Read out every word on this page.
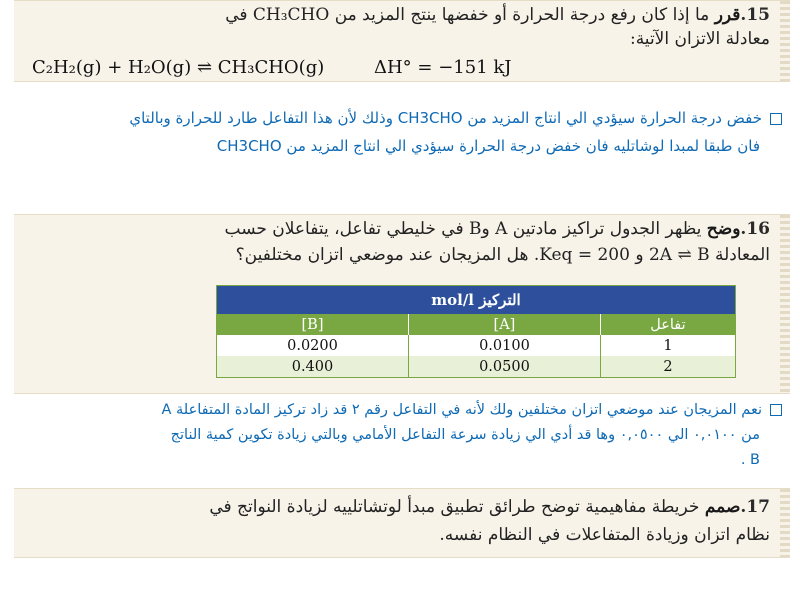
15.قرر ما إذا كان رفع درجة الحرارة أو خفضها ينتج المزيد من CH₃CHO في
معادلة الاتزان الآتية:
C₂H₂(g) + H₂O(g) ⇌ CH₃CHO(g)	ΔH° = −151 kJ
خفض درجة الحرارة سيؤدي الي انتاج المزيد من CH3CHO وذلك لأن هذا التفاعل طارد للحرارة وبالتاي
فان طبقا لمبدا لوشاتليه فان خفض درجة الحرارة سيؤدي الي انتاج المزيد من CH3CHO
16.وضح يظهر الجدول تراكيز مادتين A وB في خليطي تفاعل، يتفاعلان حسب
المعادلة 2A ⇌ B و Keq = 200. هل المزيجان عند موضعي اتزان مختلفين؟
التركيز mol/l		
تفاعل	[A]	[B]
1	0.0100	0.0200
2	0.0500	0.400
نعم المزيجان عند موضعي اتزان مختلفين ولك لأنه في التفاعل رقم ٢ قد زاد تركيز المادة المتفاعلة A
من ٠,٠١٠٠ الي ٠,٠٥٠٠ وها قد أدي الي زيادة سرعة التفاعل الأمامي وبالتي زيادة تكوين كمية الناتج
B .
17.صمم خريطة مفاهيمية توضح طرائق تطبيق مبدأ لوتشاتلييه لزيادة النواتج في
نظام اتزان وزيادة المتفاعلات في النظام نفسه.
